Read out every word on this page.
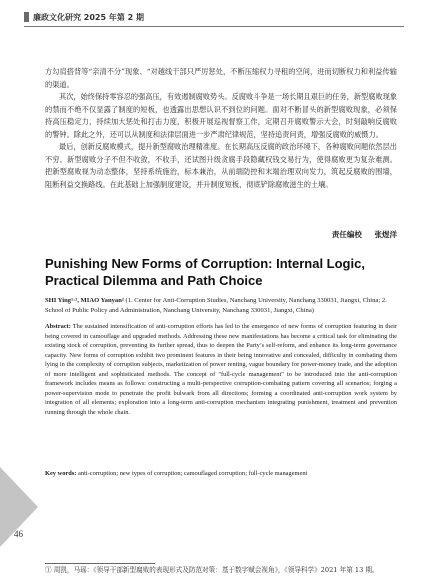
廉政文化研究 2025 年第 2 期

方勾肩搭背等“亲清不分”现象、“对越线干部只严厉惩处，不断压缩权力寻租的空间，进而切断权力和利益传输的渠道。

其次，始终保持零容忍的强高压，有效遏制腐败势头。反腐败斗争是一场长期且艰巨的任务，新型腐败现象的禁而不绝不仅显露了制度的短板，也透露出思想认识不到位的问题。面对不断冒头的新型腐败现象，必须保持高压稳定力，持续加大惩处和打击力度，积极开展巡视督察工作，定期召开腐败警示大会，时刻敲响反腐败的警钟。除此之外，还可以从制度和法律层面进一步严肃纪律规范，坚持追责问责，增强反腐败的威慑力。

最后，创新反腐败模式，提升新型腐败治理精准度。在长期高压反腐的政治环境下，各种腐败问题依然层出不穷。新型腐败分子不但不收敛，不收手，还试图升级贪腐手段隐藏权钱交易行为，使得腐败更为复杂难测。把新型腐败视为动态整体，坚持系统施治，标本兼治，从前端防控和末端治理双向发力，筑起反腐败的围墙，阻断利益交换路线。在此基础上加强制度建设，并升制度短板，彻底铲除腐败滋生的土壤。

责任编校 张煜洋
Punishing New Forms of Corruption: Internal Logic, Practical Dilemma and Path Choice
SHI Ying¹·², MIAO Yanyan² (1. Center for Anti-Corruption Studies, Nanchang University, Nanchang 330031, Jiangxi, China; 2. School of Public Policy and Administration, Nanchang University, Nanchang 330031, Jiangxi, China)
Abstract: The sustained intensification of anti-corruption efforts has led to the emergence of new forms of corruption featuring in their being covered in camouflage and upgraded methods. Addressing these new manifestations has become a critical task for eliminating the existing stock of corruption, preventing its further spread, thus to deepen the Party’s self-reform, and enhance its long-term governance capacity. New forms of corruption exhibit two prominent features in their being innovative and concealed, difficulty in combating them lying in the complexity of corruption subjects, marketization of power renting, vague boundary for power-money trade, and the adoption of more intelligent and sophisticated methods. The concept of "full-cycle management" to be introduced into the anti-corruption framework includes means as follows: constructing a multi-perspective corruption-combating pattern covering all scenarios; forging a power-supervision mode to penetrate the profit bulwark from all directions; forming a coordinated anti-corruption work system by integration of all elements; exploration into a long-term anti-corruption mechanism integrating punishment, treatment and prevention running through the whole chain.
Key words: anti-corruption; new types of corruption; camouflaged corruption; full-cycle management
46
① 周凯，马瑶：《领导干部新型腐败的表现形式及防范对策：基于数字赋会视角》，《领导科学》2021 年第 13 期。
